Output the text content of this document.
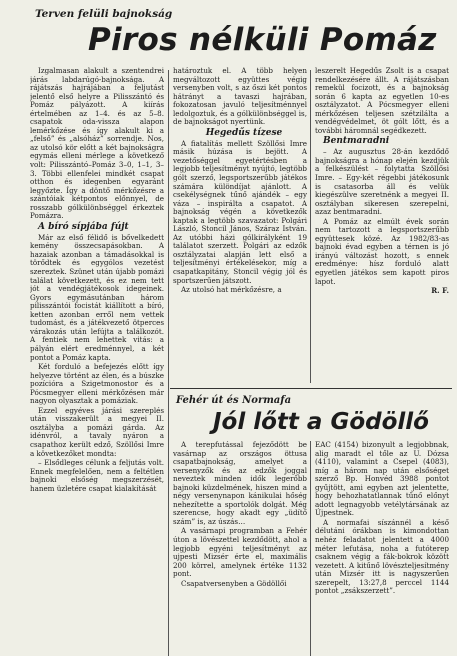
Terven felüli bajnokság
Piros nélküli Pomáz

Izgalmasan alakult a szentendrei járás labdarúgó-bajnoksága. A rájátszás hajrájában a feljutást jelentő első helyre a Pilisszántó és Pomáz pályázott. A kiírás értelmében az 1–4. és az 5–8. csapatok oda-vissza alapon lemérkőzése és így alakult ki a „felső” és „alsóház” sorrendje. Nos, az utolsó kör előtt a két bajnokságra egymás elleni mérlege a következő volt: Pilisszántó–Pomáz 3–0, 1–1, 3–3. Többi ellenfelei mindkét csapat otthon és idegenben egyaránt legyőzte. Így a döntő mérkőzésre a szántóiak kétpontos előnnyel, de rosszabb gólkülönbséggel érkeztek Pomázra.

A bíró sípjába fújt

Már az első félidő is bővelkedett kemény összecsapásokban. A hazaiak azonban a támadásokkal is törődtek és egygólos vezetést szereztek. Szünet után újabb pomázi találat következett, és ez nem tett jót a vendégjátékosok idegeinek. Gyors egymásutánban három pilisszántói focistát kiállított a bíró, ketten azonban erről nem vettek tudomást, és a játékvezető ötperces várakozás után lefújta a találkozót. A fentiek nem lehettek vitás: a pályán elért eredménnyel, a két pontot a Pomáz kapta.

Két forduló a befejezés előtt így helyezve történt az élen, és a búszke pozícióra a Szigetmonostor és a Pócsmegyer elleni mérkőzésen már nagyon olyasztak a pomáziak.

Ezzel egyéves járási szereplés után visszakerült a megyei II. osztályba a pomázi gárda. Az idénvról, a tavaly nyáron a csapathoz került edző, Szöllősi Imre a következőket mondta:

– Elsődleges célunk a feljutás volt. Ennek megfelelően, nem a feltétlen bajnoki elsőség megszerzését, hanem üzletére csapat kialakítását

határoztuk el. A több helyen megváltozott együttes végig versenyben volt, s az őszi két pontos hátrányt a tavaszi hajrában, fokozatosan javuló teljesítménnyel ledolgoztuk, és a gólkülönbséggel is, de bajnokságot nyertünk.

Hegedűs tízese

A fiatalítás mellett Szöllősi Imre másik húzása is bejött. A vezetőséggel egyetértésben a legjobb teljesítményt nyújtó, legtöbb gólt szerző, legsportszerűbb játékos számára különdíjat ajánlott. A csekélységnek tűnő ajándék – egy váza – inspirálta a csapatot. A bajnokság végén a következők kaptak a legtöbb szavazatot: Polgári László, Stoncil János, Száraz István. Az utóbbi házi gólkirályként 19 találatot szerzett. Polgári az edzők osztályzatai alapján lett első a teljesítményi értékelésekor, míg a csapatkapitány, Stoncil végig jól és sportszerűen játszott.

Az utolsó hat mérkőzésre, a

leszerelt Hegedűs Zsolt is a csapat rendelkezésére állt. A rájátszásban remekül focizott, és a bajnokság során 6 kapta az egyetlen 10-es osztályzatot. A Pócsmegyer elleni mérkőzésen teljesen szétzilálta a vendégvédelmet, öt gólt lőtt, és a további háromnál segédkezett.

Bentmaradni

– Az augusztus 28-án kezdődő bajnokságra a hónap elején kezdjük a felkészülést – folytatta Szöllősi Imre. – Egy-két régebbi játékosunk is csatasorba áll és velük kiegészülve szeretnénk a megyei II. osztályban sikeresen szerepelni, azaz bentmaradni.

A Pomáz az elmúlt évek során nem tartozott a legsportszerűbb együttesek közé. Az 1982/83-as bajnoki évad egyben a térnen is jó irányú változást hozott, s ennek eredménye: hísz forduló alatt egyetlen játékos sem kapott piros lapot.

R. F.

Fehér út és Normafa
Jól lőtt a Gödöllő

A terepfutással fejeződött be vasárnap az országos öttusa csapatbajnokság, amelyet a versenyzők és az edzők joggal neveztek minden idők legerőbb bajnoki küzdelmének, hiszen mind a négy versenynapon kánikulai hőség nehezítette a sportolók dolgát. Még szerencse, hogy akadt egy „üdítő szám” is, az úszás…

A vasárnapi programban a Fehér úton a lövészettel kezdődött, ahol a legjobb egyéni teljesítményt az ujpesti Mizsér érte el, maximális 200 körrel, amelynek értéke 1132 pont.

Csapatversenyben a Gödöllői

EAC (4154) bizonyult a legjobbnak, alig maradt el tőle az U. Dózsa (4110), valamint a Csepel (4083), míg a három nap után elsőséget szerző Bp. Honvéd 3988 pontot gyűjtött, ami egyben azt jelentette, hogy behozhatatlannak tűnő előnyt adott legnagyobb vetélytársának az Újpestnek.

A normafai síszánnél a késő délutáni órákban is kimondottan nehéz feladatot jelentett a 4000 méter lefutása, noha a futóterep csaknem végig a fák-bokrok között vezetett. A kitűnő lövészteljesítmény után Mizsér itt is nagyszerűen szerepelt, 13:27,8 perccel 1144 pontot „zsákszerzett”.
